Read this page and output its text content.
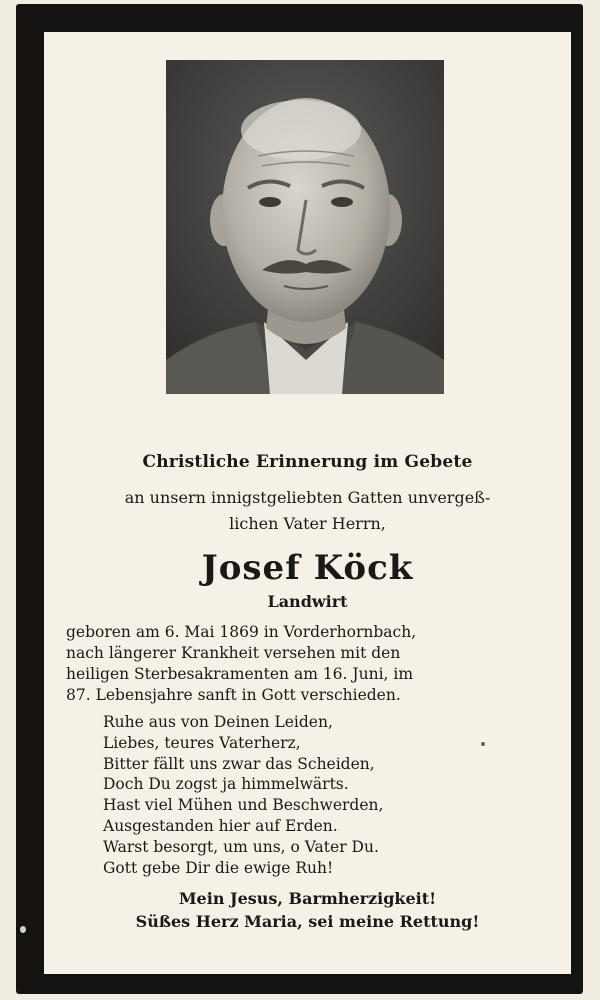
Christliche Erinnerung im Gebete
an unsern innigstgeliebten Gatten unvergeß-
lichen Vater Herrn,
Josef Köck
Landwirt
geboren am 6. Mai 1869 in Vorderhornbach,
nach längerer Krankheit versehen mit den
heiligen Sterbesakramenten am 16. Juni, im
87. Lebensjahre sanft in Gott verschieden.
Ruhe aus von Deinen Leiden,
Liebes, teures Vaterherz,
Bitter fällt uns zwar das Scheiden,
Doch Du zogst ja himmelwärts.
Hast viel Mühen und Beschwerden,
Ausgestanden hier auf Erden.
Warst besorgt, um uns, o Vater Du.
Gott gebe Dir die ewige Ruh!
Mein Jesus, Barmherzigkeit!
Süßes Herz Maria, sei meine Rettung!
